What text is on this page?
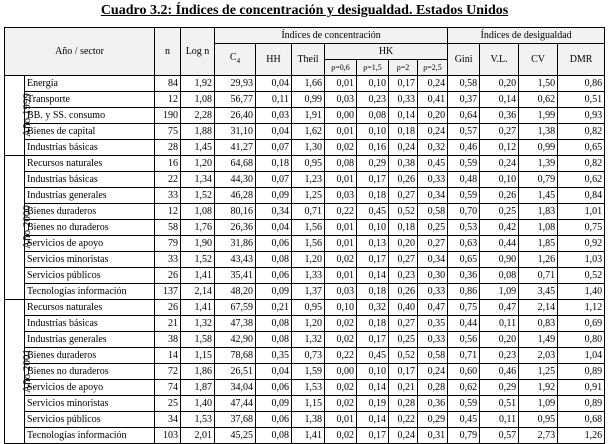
Cuadro 3.2: Índices de concentración y desigualdad. Estados Unidos
Año / sector		n	Log n	Índices de concentración							Índices de desigualdad			
				$C_4$	HH	Theil	HK				Gini	V.L.	CV	DMR
							ρ=0,6	ρ=1,5	ρ=2	ρ=2,5				
Año 1999	Energía	84	1,92	29,93	0,04	1,66	0,01	0,10	0,17	0,24	0,58	0,20	1,50	0,86
	Transporte	12	1,08	56,77	0,11	0,99	0,03	0,23	0,33	0,41	0,37	0,14	0,62	0,51
	BB. y SS. consumo	190	2,28	26,40	0,03	1,91	0,00	0,08	0,14	0,20	0,64	0,36	1,99	0,93
	Bienes de capital	75	1,88	31,10	0,04	1,62	0,01	0,10	0,18	0,24	0,57	0,27	1,38	0,82
	Industrias básicas	28	1,45	41,27	0,07	1,30	0,02	0,16	0,24	0,32	0,46	0,12	0,99	0,65
Año 2000	Recursos naturales	16	1,20	64,68	0,18	0,95	0,08	0,29	0,38	0,45	0,59	0,24	1,39	0,82
	Industrias básicas	22	1,34	44,30	0,07	1,23	0,01	0,17	0,26	0,33	0,48	0,10	0,79	0,62
	Industrias generales	33	1,52	46,28	0,09	1,25	0,03	0,18	0,27	0,34	0,59	0,26	1,45	0,84
	Bienes duraderos	12	1,08	80,16	0,34	0,71	0,22	0,45	0,52	0,58	0,70	0,25	1,83	1,01
	Bienes no duraderos	58	1,76	26,36	0,04	1,56	0,01	0,10	0,18	0,25	0,53	0,42	1,08	0,75
	Servicios de apoyo	79	1,90	31,86	0,06	1,56	0,01	0,13	0,20	0,27	0,63	0,44	1,85	0,92
	Servicios minoristas	33	1,52	43,43	0,08	1,20	0,02	0,17	0,27	0,34	0,65	0,90	1,26	1,03
	Servicios públicos	26	1,41	35,41	0,06	1,33	0,01	0,14	0,23	0,30	0,36	0,08	0,71	0,52
	Tecnologías información	137	2,14	48,20	0,09	1,37	0,03	0,18	0,26	0,33	0,86	1,09	3,45	1,40
Año 2001	Recursos naturales	26	1,41	67,59	0,21	0,95	0,10	0,32	0,40	0,47	0,75	0,47	2,14	1,12
	Industrias básicas	21	1,32	47,38	0,08	1,20	0,02	0,18	0,27	0,35	0,44	0,11	0,83	0,69
	Industrias generales	38	1,58	42,90	0,08	1,32	0,02	0,17	0,25	0,33	0,56	0,20	1,49	0,80
	Bienes duraderos	14	1,15	78,68	0,35	0,73	0,22	0,45	0,52	0,58	0,71	0,23	2,03	1,04
	Bienes no duraderos	72	1,86	26,51	0,04	1,59	0,00	0,10	0,17	0,24	0,60	0,46	1,25	0,89
	Servicios de apoyo	74	1,87	34,04	0,06	1,53	0,02	0,14	0,21	0,28	0,62	0,29	1,92	0,91
	Servicios minoristas	25	1,40	47,44	0,09	1,15	0,02	0,19	0,28	0,36	0,59	0,51	1,09	0,89
	Servicios públicos	34	1,53	37,68	0,06	1,38	0,01	0,14	0,22	0,29	0,45	0,11	0,95	0,68
	Tecnologías información	103	2,01	45,25	0,08	1,41	0,02	0,17	0,24	0,31	0,79	0,57	2,73	1,26
